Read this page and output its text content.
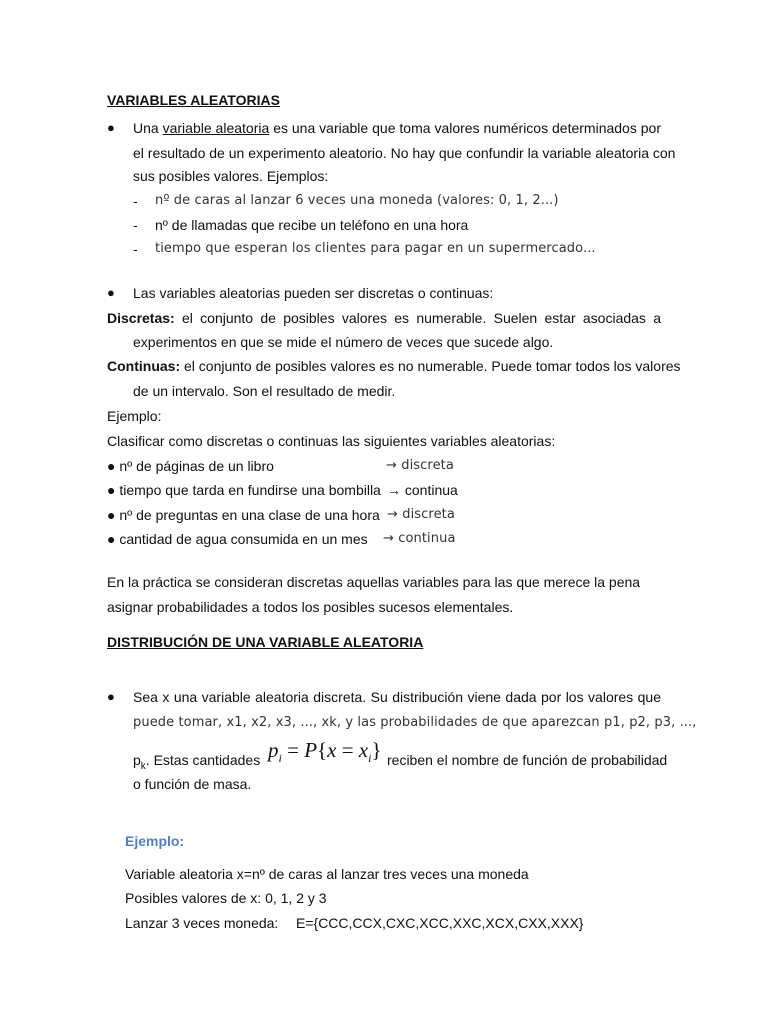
VARIABLES ALEATORIAS
● Una variable aleatoria es una variable que toma valores numéricos determinados por
el resultado de un experimento aleatorio. No hay que confundir la variable aleatoria con
sus posibles valores. Ejemplos:
- nº de caras al lanzar 6 veces una moneda (valores: 0, 1, 2...)
- nº de llamadas que recibe un teléfono en una hora
- tiempo que esperan los clientes para pagar en un supermercado...
● Las variables aleatorias pueden ser discretas o continuas:
Discretas: el conjunto de posibles valores es numerable. Suelen estar asociadas a
experimentos en que se mide el número de veces que sucede algo.
Continuas: el conjunto de posibles valores es no numerable. Puede tomar todos los valores
de un intervalo. Son el resultado de medir.
Ejemplo:
Clasificar como discretas o continuas las siguientes variables aleatorias:
● nº de páginas de un libro	→ discreta
● tiempo que tarda en fundirse una bombilla → continua
● nº de preguntas en una clase de una hora → discreta
● cantidad de agua consumida en un mes → continua
En la práctica se consideran discretas aquellas variables para las que merece la pena
asignar probabilidades a todos los posibles sucesos elementales.
DISTRIBUCIÓN DE UNA VARIABLE ALEATORIA
● Sea x una variable aleatoria discreta. Su distribución viene dada por los valores que
puede tomar, x1, x2, x3, ..., xk, y las probabilidades de que aparezcan p1, p2, p3, ...,
$p_k$. Estas cantidades $p_i = P\{x = x_i\}$ reciben el nombre de función de probabilidad
o función de masa.
Ejemplo:
Variable aleatoria x=nº de caras al lanzar tres veces una moneda
Posibles valores de x: 0, 1, 2 y 3
Lanzar 3 veces moneda: E={CCC,CCX,CXC,XCC,XXC,XCX,CXX,XXX}
